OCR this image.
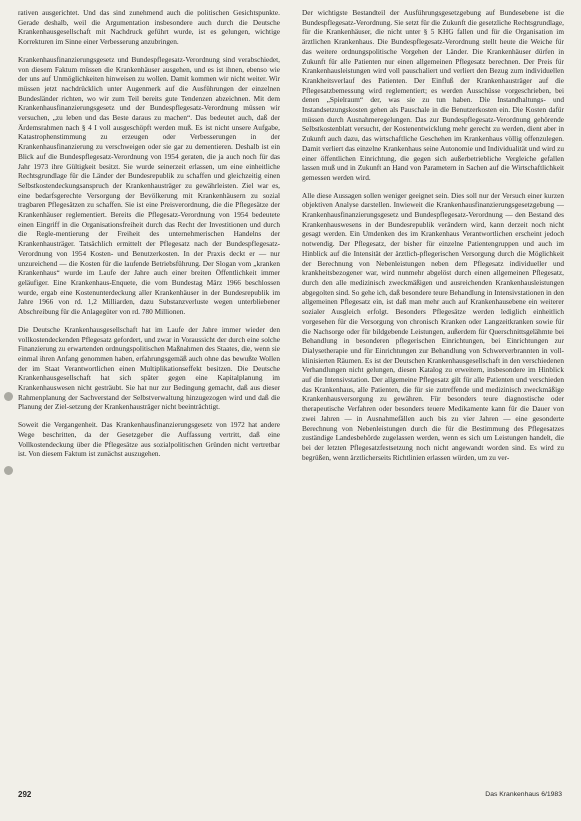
rativen ausgerichtet. Und das sind zunehmend auch die politischen Gesichtspunkte. Gerade deshalb, weil die Argumentation insbesondere auch durch die Deutsche Krankenhausgesellschaft mit Nachdruck geführt wurde, ist es gelungen, wichtige Korrekturen im Sinne einer Verbesserung anzubringen.

Krankenhausfinanzierungsgesetz und Bundespflegesatz-Verordnung sind verabschiedet, von diesem Faktum müssen die Krankenhäuser ausgehen, und es ist ihnen, ebenso wie der uns auf Unmöglichkeiten hinweisen zu wollen. Damit kommen wir nicht weiter. Wir müssen jetzt nachdrücklich unter Augenmerk auf die Ausführungen der einzelnen Bundesländer richten, wo wir zum Teil bereits gute Tendenzen abzeichnen. Mit dem Krankenhausfinanzierungsgesetz und der Bundespflegesatz-Verordnung müssen wir versuchen, „zu leben und das Beste daraus zu machen“. Das bedeutet auch, daß der Ärdemsrahmen nach § 4 I voll ausgeschöpft werden muß. Es ist nicht unsere Aufgabe, Katastrophenstimmung zu erzeugen oder Verbesserungen in der Krankenhausfinanzierung zu verschweigen oder sie gar zu dementieren. Deshalb ist ein Blick auf die Bundespflegesatz-Verordnung von 1954 geraten, die ja auch noch für das Jahr 1973 ihre Gültigkeit besitzt. Sie wurde seinerzeit erlassen, um eine einheitliche Rechtsgrundlage für die Länder der Bundesrepublik zu schaffen und gleichzeitig einen Selbstkostendeckungsanspruch der Krankenhausträger zu gewährleisten. Ziel war es, eine bedarfsgerechte Versorgung der Bevölkerung mit Krankenhäusern zu sozial tragbaren Pflegesätzen zu schaffen. Sie ist eine Preisverordnung, die die Pflegesätze der Krankenhäuser reglementiert. Bereits die Pflegesatz-Verordnung von 1954 bedeutete einen Eingriff in die Organisationsfreiheit durch das Recht der Investitionen und durch die Regle-mentierung der Freiheit des unternehmerischen Handelns der Krankenhausträger. Tatsächlich ermittelt der Pflegesatz nach der Bundespflegesatz-Verordnung von 1954 Kosten- und Benutzerkosten. In der Praxis deckt er — nur unzureichend — die Kosten für die laufende Betriebsführung. Der Slogan vom „kranken Krankenhaus“ wurde im Laufe der Jahre auch einer breiten Öffentlichkeit immer geläufiger. Eine Krankenhaus-Enquete, die vom Bundestag März 1966 beschlossen wurde, ergab eine Kostenunterdeckung aller Krankenhäuser in der Bundesrepublik im Jahre 1966 von rd. 1,2 Milliarden, dazu Substanzverluste wegen unterbliebener Abschreibung für die Anlagegüter von rd. 780 Millionen.

Die Deutsche Krankenhausgesellschaft hat im Laufe der Jahre immer wieder den vollkostendeckenden Pflegesatz gefordert, und zwar in Voraussicht der durch eine solche Finanzierung zu erwartenden ordnungspolitischen Maßnahmen des Staates, die, wenn sie einmal ihren Anfang genommen haben, erfahrungsgemäß auch ohne das bewußte Wollen der im Staat Verantwortlichen einen Multiplikationseffekt besitzen. Die Deutsche Krankenhausgesellschaft hat sich später gegen eine Kapitalplanung im Krankenhauswesen nicht gesträubt. Sie hat nur zur Bedingung gemacht, daß aus dieser Rahmenplanung der Sachverstand der Selbstverwaltung hinzugezogen wird und daß die Planung der Ziel-setzung der Krankenhausträger nicht beeinträchtigt.

Soweit die Vergangenheit. Das Krankenhausfinanzierungsgesetz von 1972 hat andere Wege beschritten, da der Gesetzgeber die Auffassung vertritt, daß eine Vollkostendeckung über die Pflegesätze aus sozialpolitischen Gründen nicht vertretbar ist. Von diesem Faktum ist zunächst auszugehen.

Der wichtigste Bestandteil der Ausführungsgesetzgebung auf Bundesebene ist die Bundespflegesatz-Verordnung. Sie setzt für die Zukunft die gesetzliche Rechtsgrundlage, für die Krankenhäuser, die nicht unter § 5 KHG fallen und für die Organisation im ärztlichen Krankenhaus. Die Bundespflegesatz-Verordnung stellt heute die Weiche für das weitere ordnungspolitische Vorgehen der Länder. Die Krankenhäuser dürfen in Zukunft für alle Patienten nur einen allgemeinen Pflegesatz berechnen. Der Preis für Krankenhausleistungen wird voll pauschaliert und verliert den Bezug zum individuellen Krankheitsverlauf des Patienten. Der Einfluß der Krankenhausträger auf die Pflegesatzbemessung wird reglementiert; es werden Ausschüsse vorgeschrieben, bei denen „Spielraum“ der, was sie zu tun haben. Die Instandhaltungs- und Instandsetzungskosten gehen als Pauschale in die Benutzerkosten ein. Die Kosten dafür müssen durch Ausnahmeregelungen. Das zur Bundespflegesatz-Verordnung gehörende Selbstkostenblatt versucht, der Kostenentwicklung mehr gerecht zu werden, dient aber in Zukunft auch dazu, das wirtschaftliche Geschehen im Krankenhaus völlig offenzulegen. Damit verliert das einzelne Krankenhaus seine Autonomie und Individualität und wird zu einer öffentlichen Einrichtung, die gegen sich außerbetriebliche Vergleiche gefallen lassen muß und in Zukunft an Hand von Parametern in Sachen auf die Wirtschaftlichkeit gemessen werden wird.

Alle diese Aussagen sollen weniger geeignet sein. Dies soll nur der Versuch einer kurzen objektiven Analyse darstellen. Inwieweit die Krankenhausfinanzierungsgesetzgebung — Krankenhausfinanzierungsgesetz und Bundespflegesatz-Verordnung — den Bestand des Krankenhauswesens in der Bundesrepublik verändern wird, kann derzeit noch nicht gesagt werden. Ein Umdenken des im Krankenhaus Verantwortlichen erscheint jedoch notwendig. Der Pflegesatz, der bisher für einzelne Patientengruppen und auch im Hinblick auf die Intensität der ärztlich-pflegerischen Versorgung durch die Möglichkeit der Berechnung von Nebenleistungen neben dem Pflegesatz individueller und krankheitsbezogener war, wird nunmehr abgelöst durch einen allgemeinen Pflegesatz, durch den alle medizinisch zweckmäßigen und ausreichenden Krankenhausleistungen abgegolten sind. So gehe ich, daß besondere teure Behandlung in Intensivstationen in den allgemeinen Pflegesatz ein, ist daß man mehr auch auf Krankenhausebene ein weiterer sozialer Ausgleich erfolgt. Besonders Pflegesätze werden lediglich einheitlich vorgesehen für die Versorgung von chronisch Kranken oder Langzeitkranken sowie für die Nachsorge oder für bildgebende Leistungen, außerdem für Querschnittsgelähmte bei Behandlung in besonderen pflegerischen Einrichtungen, bei Einrichtungen zur Dialysetherapie und für Einrichtungen zur Behandlung von Schwerverbrannten in voll-klinisierten Räumen. Es ist der Deutschen Krankenhausgesellschaft in den verschiedenen Verhandlungen nicht gelungen, diesen Katalog zu erweitern, insbesondere im Hinblick auf die Intensivstation. Der allgemeine Pflegesatz gilt für alle Patienten und verschieden das Krankenhaus, alle Patienten, die für sie zutreffende und medizinisch zweckmäßige Krankenhausversorgung zu gewähren. Für besonders teure diagnostische oder therapeutische Verfahren oder besonders teuere Medikamente kann für die Dauer von zwei Jahren — in Ausnahmefällen auch bis zu vier Jahren — eine gesonderte Berechnung von Nebenleistungen durch die für die Bestimmung des Pflegesatzes zuständige Landesbehörde zugelassen werden, wenn es sich um Leistungen handelt, die bei der letzten Pflegesatzfestsetzung noch nicht angewandt worden sind. Es wird zu begrüßen, wenn ärztlicherseits Richtlinien erlassen würden, um zu ver-

292	Das Krankenhaus 6/1983
